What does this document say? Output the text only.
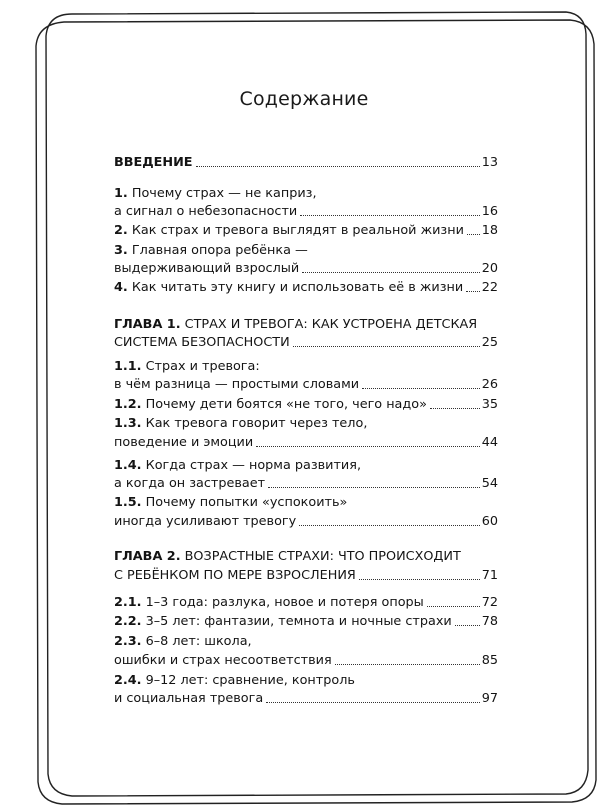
Содержание
ВВЕДЕНИЕ	13
1. Почему страх — не каприз,
а сигнал о небезопасности	16
2. Как страх и тревога выглядят в реальной жизни 18
3. Главная опора ребёнка —
выдерживающий взрослый	20
4. Как читать эту книгу и использовать её в жизни 22
ГЛАВА 1. СТРАХ И ТРЕВОГА: КАК УСТРОЕНА ДЕТСКАЯ
СИСТЕМА БЕЗОПАСНОСТИ	25
1.1. Страх и тревога:
в чём разница — простыми словами	26
1.2. Почему дети боятся «не того, чего надо»	35
1.3. Как тревога говорит через тело,
поведение и эмоции	44
1.4. Когда страх — норма развития,
а когда он застревает	54
1.5. Почему попытки «успокоить»
иногда усиливают тревогу	60
ГЛАВА 2. ВОЗРАСТНЫЕ СТРАХИ: ЧТО ПРОИСХОДИТ
С РЕБЁНКОМ ПО МЕРЕ ВЗРОСЛЕНИЯ	71
2.1. 1–3 года: разлука, новое и потеря опоры	72
2.2. 3–5 лет: фантазии, темнота и ночные страхи 78
2.3. 6–8 лет: школа,
ошибки и страх несоответствия	85
2.4. 9–12 лет: сравнение, контроль
и социальная тревога	97
